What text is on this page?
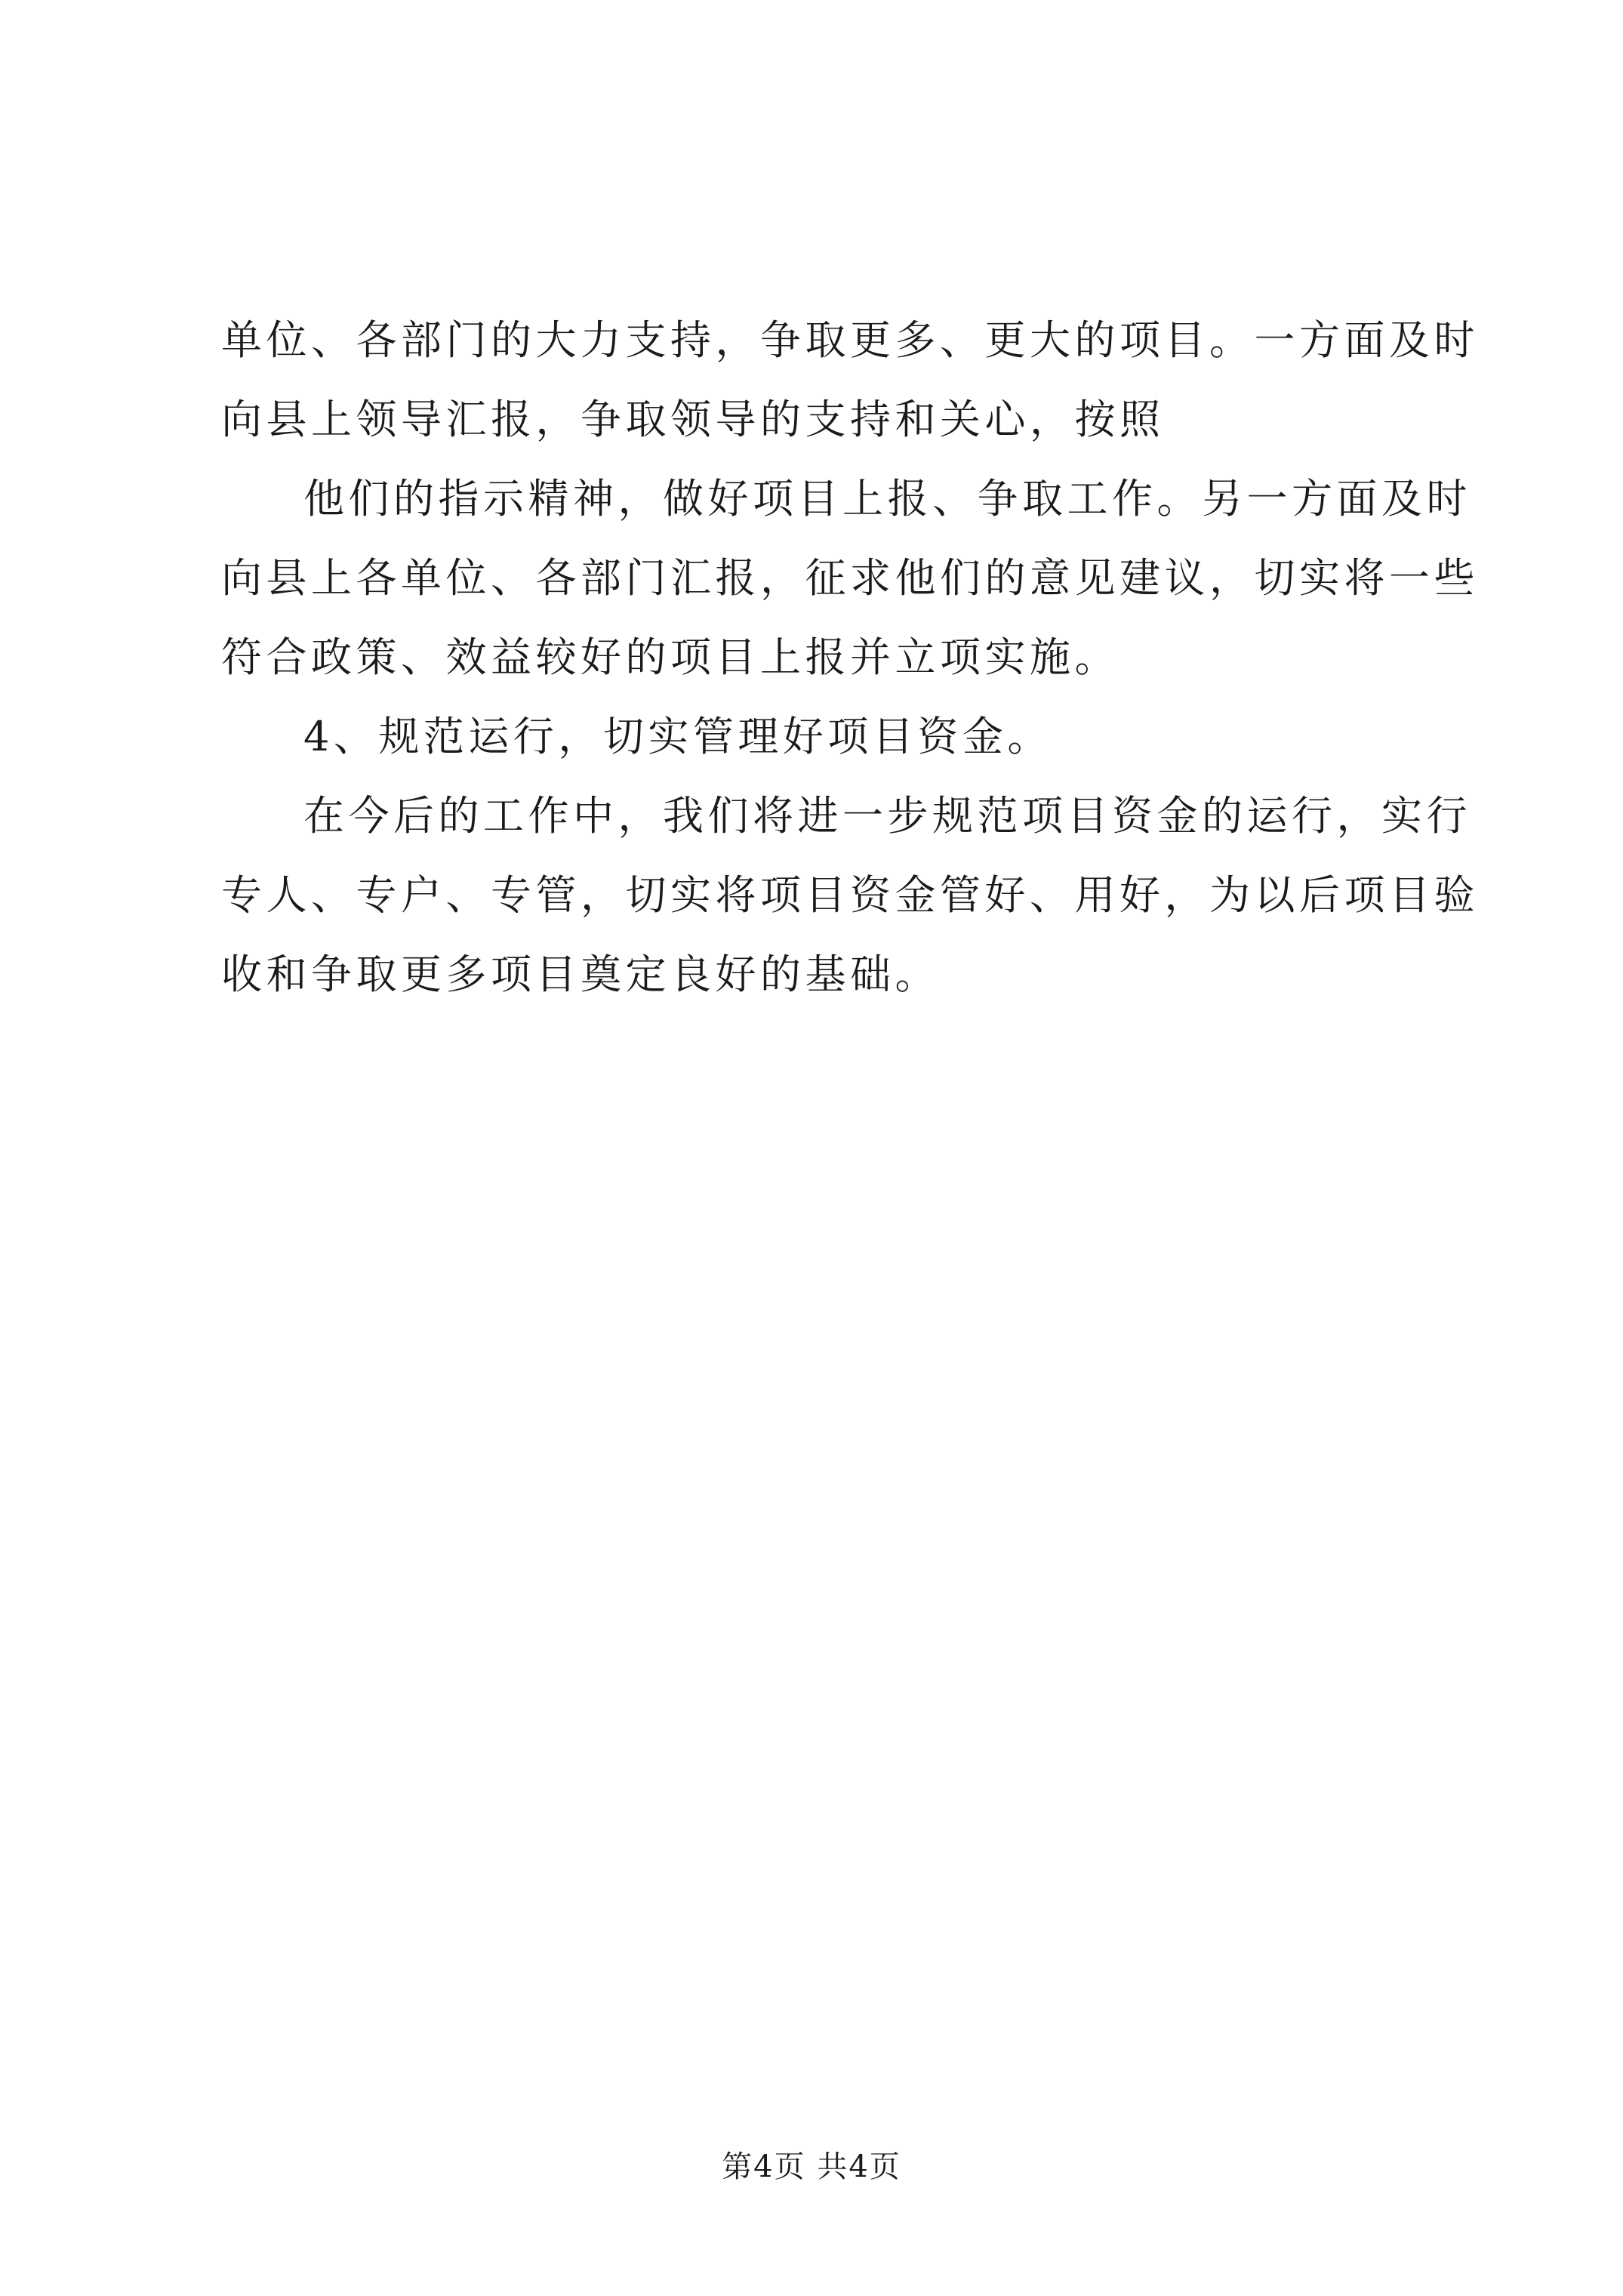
单位、各部门的大力支持，争取更多、更大的项目。一方面及时
向县上领导汇报，争取领导的支持和关心，按照
他们的指示精神，做好项目上报、争取工作。另一方面及时
向县上各单位、各部门汇报，征求他们的意见建议，切实将一些
符合政策、效益较好的项目上报并立项实施。
4、规范运行，切实管理好项目资金。
在今后的工作中，我们将进一步规范项目资金的运行，实行
专人、专户、专管，切实将项目资金管好、用好，为以后项目验
收和争取更多项目奠定良好的基础。
第4页 共4页
